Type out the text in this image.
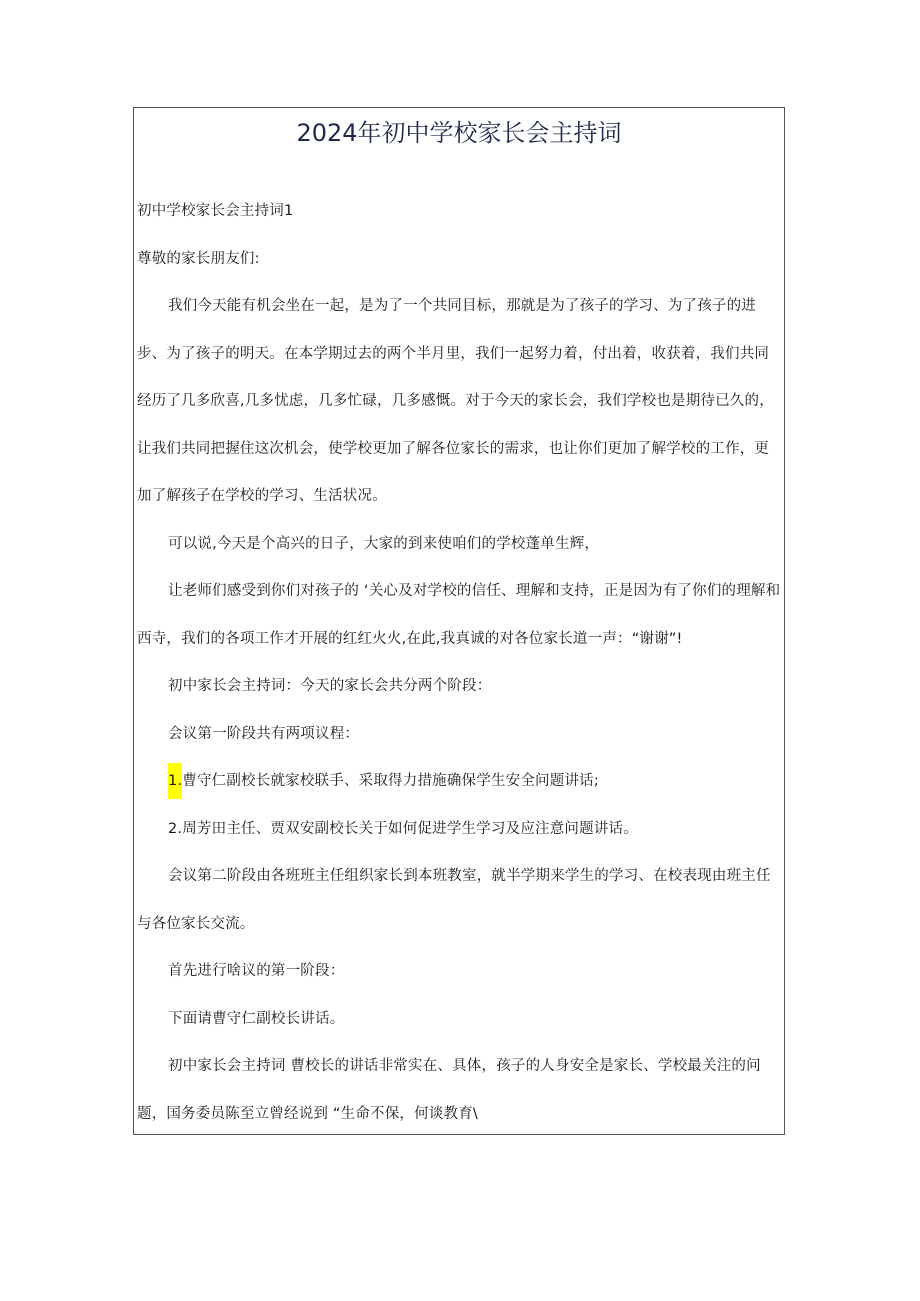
2024年初中学校家长会主持词

初中学校家长会主持词1

尊敬的家长朋友们:

我们今天能有机会坐在一起，是为了一个共同目标，那就是为了孩子的学习、为了孩子的进步、为了孩子的明天。在本学期过去的两个半月里，我们一起努力着，付出着，收获着，我们共同经历了几多欣喜,几多忧虑，几多忙碌，几多感慨。对于今天的家长会，我们学校也是期待已久的，让我们共同把握住这次机会，使学校更加了解各位家长的需求，也让你们更加了解学校的工作，更加了解孩子在学校的学习、生活状况。

可以说,今天是个高兴的日子，大家的到来使咱们的学校蓬单生辉，

让老师们感受到你们对孩子的 ‘关心及对学校的信任、理解和支持，正是因为有了你们的理解和西寺，我们的各项工作才开展的红红火火,在此,我真诚的对各位家长道一声：“谢谢”!

初中家长会主持词：今天的家长会共分两个阶段：

会议第一阶段共有两项议程：

1.曹守仁副校长就家校联手、采取得力措施确保学生安全问题讲话;

2.周芳田主任、贾双安副校长关于如何促进学生学习及应注意问题讲话。

会议第二阶段由各班班主任组织家长到本班教室，就半学期来学生的学习、在校表现由班主任与各位家长交流。

首先进行啥议的第一阶段：

下面请曹守仁副校长讲话。

初中家长会主持词 曹校长的讲话非常实在、具体，孩子的人身安全是家长、学校最关注的问题，国务委员陈至立曾经说到 “生命不保，何谈教育\
